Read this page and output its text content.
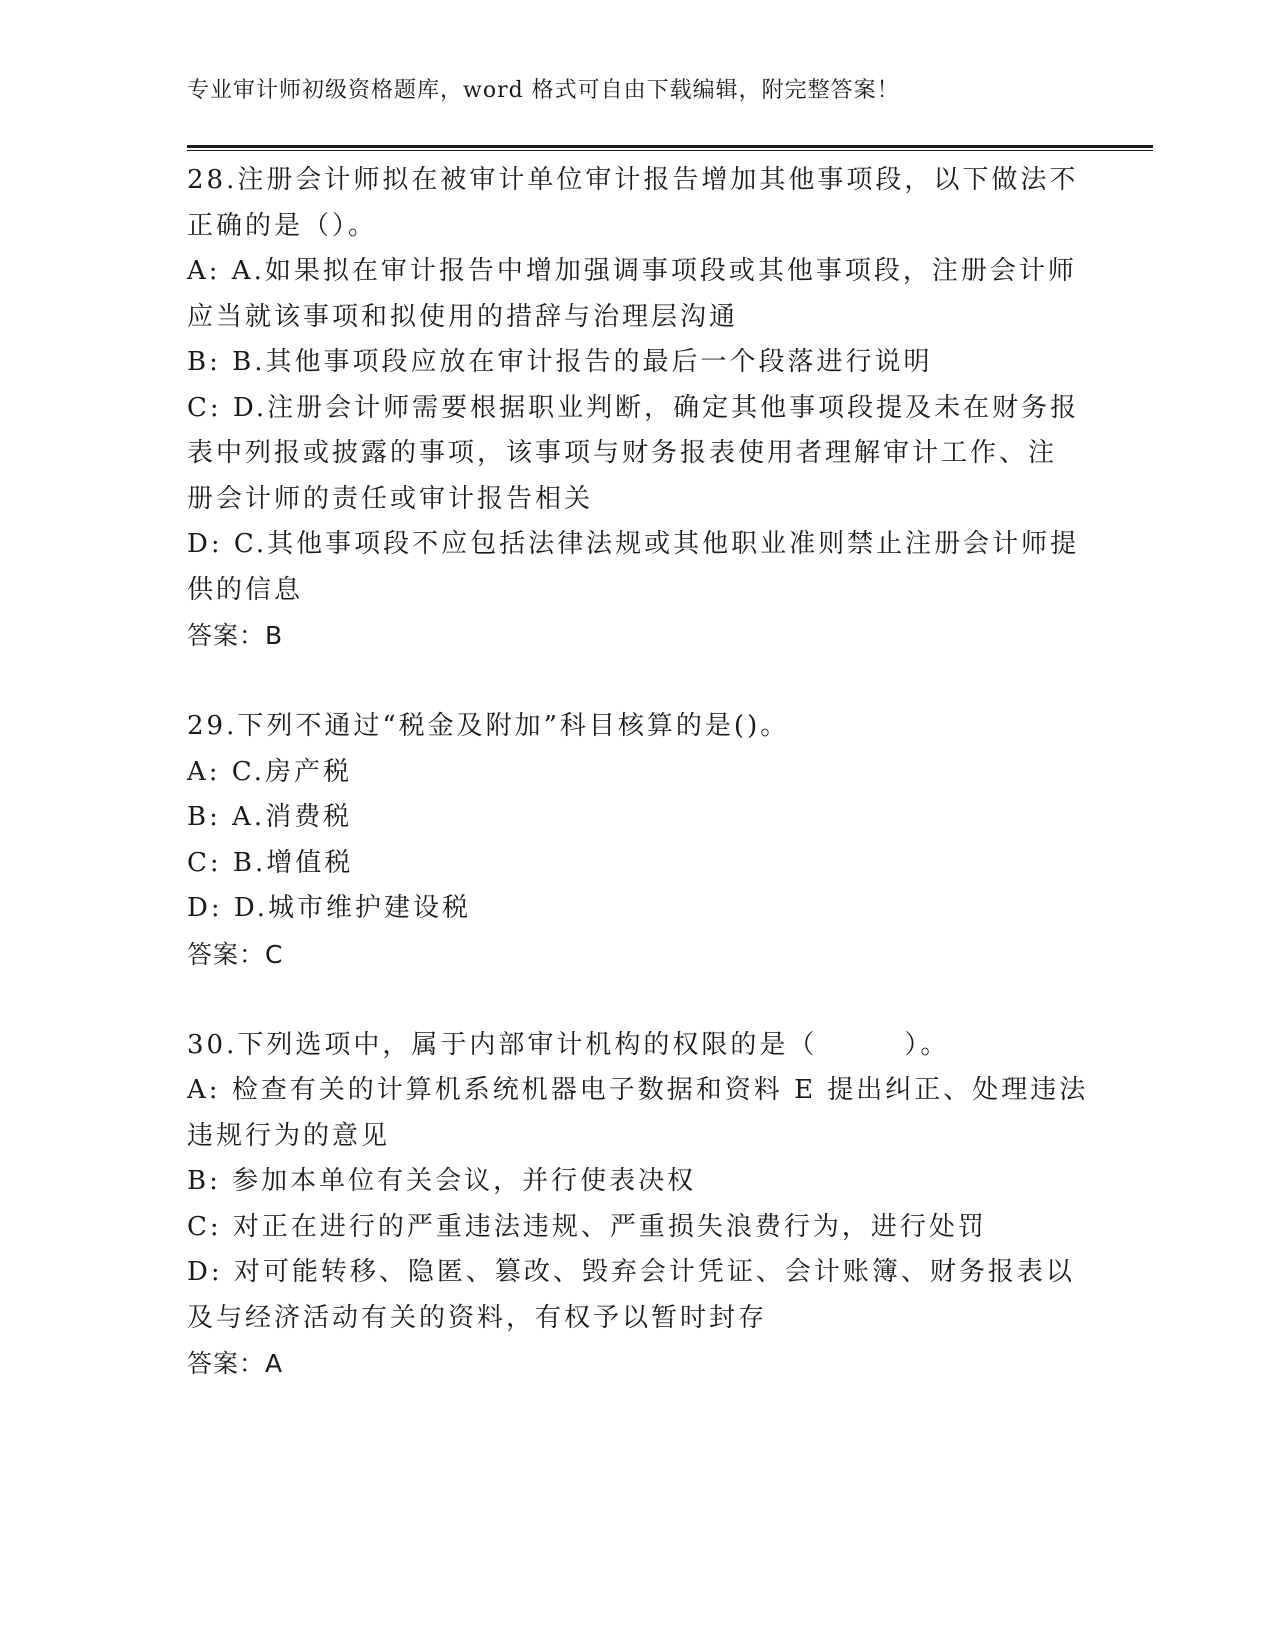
专业审计师初级资格题库，word 格式可自由下载编辑，附完整答案！
28.注册会计师拟在被审计单位审计报告增加其他事项段，以下做法不
正确的是（）。
A: A.如果拟在审计报告中增加强调事项段或其他事项段，注册会计师
应当就该事项和拟使用的措辞与治理层沟通
B: B.其他事项段应放在审计报告的最后一个段落进行说明
C: D.注册会计师需要根据职业判断，确定其他事项段提及未在财务报
表中列报或披露的事项，该事项与财务报表使用者理解审计工作、注
册会计师的责任或审计报告相关
D: C.其他事项段不应包括法律法规或其他职业准则禁止注册会计师提
供的信息
答案：B
29.下列不通过“税金及附加”科目核算的是()。
A: C.房产税
B: A.消费税
C: B.增值税
D: D.城市维护建设税
答案：C
30.下列选项中，属于内部审计机构的权限的是（　　　）。
A: 检查有关的计算机系统机器电子数据和资料 E 提出纠正、处理违法
违规行为的意见
B: 参加本单位有关会议，并行使表决权
C: 对正在进行的严重违法违规、严重损失浪费行为，进行处罚
D: 对可能转移、隐匿、篡改、毁弃会计凭证、会计账簿、财务报表以
及与经济活动有关的资料，有权予以暂时封存
答案：A
